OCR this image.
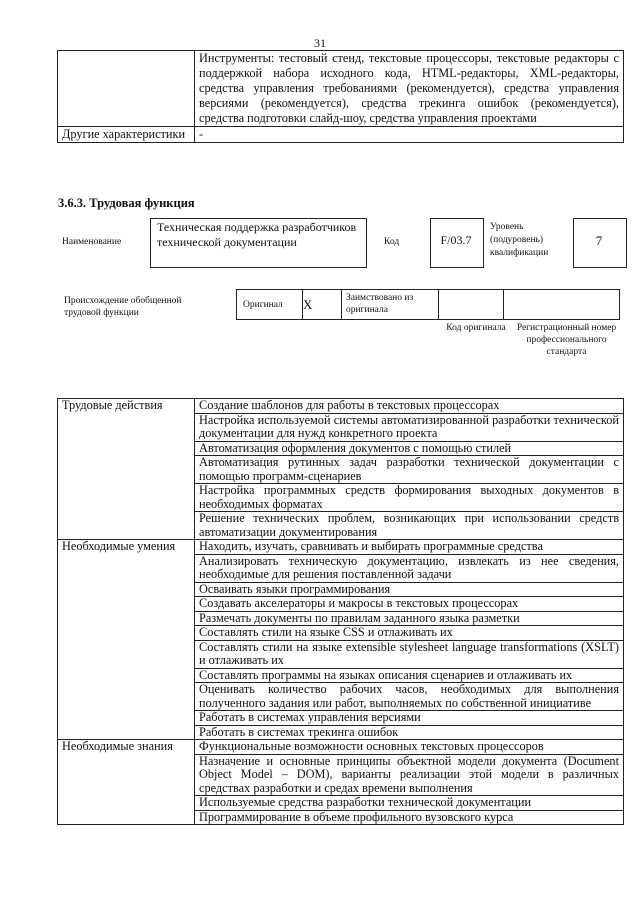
31
	Инструменты: тестовый стенд, текстовые процессоры, текстовые редакторы с поддержкой набора исходного кода, HTML-редакторы, XML-редакторы, средства управления требованиями (рекомендуется), средства управления версиями (рекомендуется), средства трекинга ошибок (рекомендуется), средства подготовки слайд-шоу, средства управления проектами
Другие характеристики	-
3.6.3. Трудовая функция
Наименование
Техническая поддержка разработчиков технической документации	Код	F/03.7
Уровень (подуровень) квалификации
7
Происхождение обобщенной трудовой функции
Оригинал	X	Заимствовано из оригинала		
Код оригинала	Регистрационный номер профессионального стандарта
Трудовые действия	Создание шаблонов для работы в текстовых процессорах
	Настройка используемой системы автоматизированной разработки технической документации для нужд конкретного проекта
	Автоматизация оформления документов с помощью стилей
	Автоматизация рутинных задач разработки технической документации с помощью программ-сценариев
	Настройка программных средств формирования выходных документов в необходимых форматах
	Решение технических проблем, возникающих при использовании средств автоматизации документирования
Необходимые умения	Находить, изучать, сравнивать и выбирать программные средства
	Анализировать техническую документацию, извлекать из нее сведения, необходимые для решения поставленной задачи
	Осваивать языки программирования
	Создавать акселераторы и макросы в текстовых процессорах
	Размечать документы по правилам заданного языка разметки
	Составлять стили на языке CSS и отлаживать их
	Составлять стили на языке extensible stylesheet language transformations (XSLT) и отлаживать их
	Составлять программы на языках описания сценариев и отлаживать их
	Оценивать количество рабочих часов, необходимых для выполнения полученного задания или работ, выполняемых по собственной инициативе
	Работать в системах управления версиями
	Работать в системах трекинга ошибок
Необходимые знания	Функциональные возможности основных текстовых процессоров
	Назначение и основные принципы объектной модели документа (Document Object Model – DOM), варианты реализации этой модели в различных средствах разработки и средах времени выполнения
	Используемые средства разработки технической документации
	Программирование в объеме профильного вузовского курса
